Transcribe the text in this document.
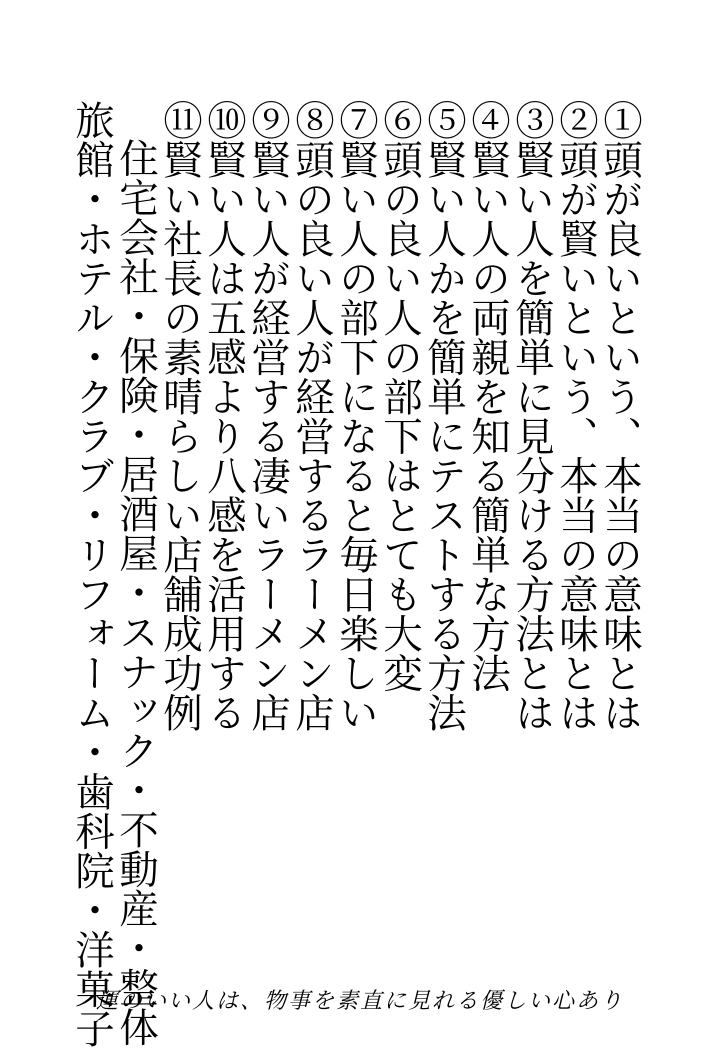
①頭が良いという、本当の意味とは
②頭が賢いという、本当の意味とは
③賢い人を簡単に見分ける方法とは
④賢い人の両親を知る簡単な方法
⑤賢い人かを簡単にテストする方法
⑥頭の良い人の部下はとても大変
⑦賢い人の部下になると毎日楽しい
⑧頭の良い人が経営するラーメン店
⑨賢い人が経営する凄いラーメン店
⑩賢い人は五感より八感を活用する
⑪賢い社長の素晴らしい店舗成功例
住宅会社・保険・居酒屋・スナック・不動産・整体
旅館・ホテル・クラブ・リフォーム・歯科院・洋菓子
運のいい人は、物事を素直に見れる優しい心あり
